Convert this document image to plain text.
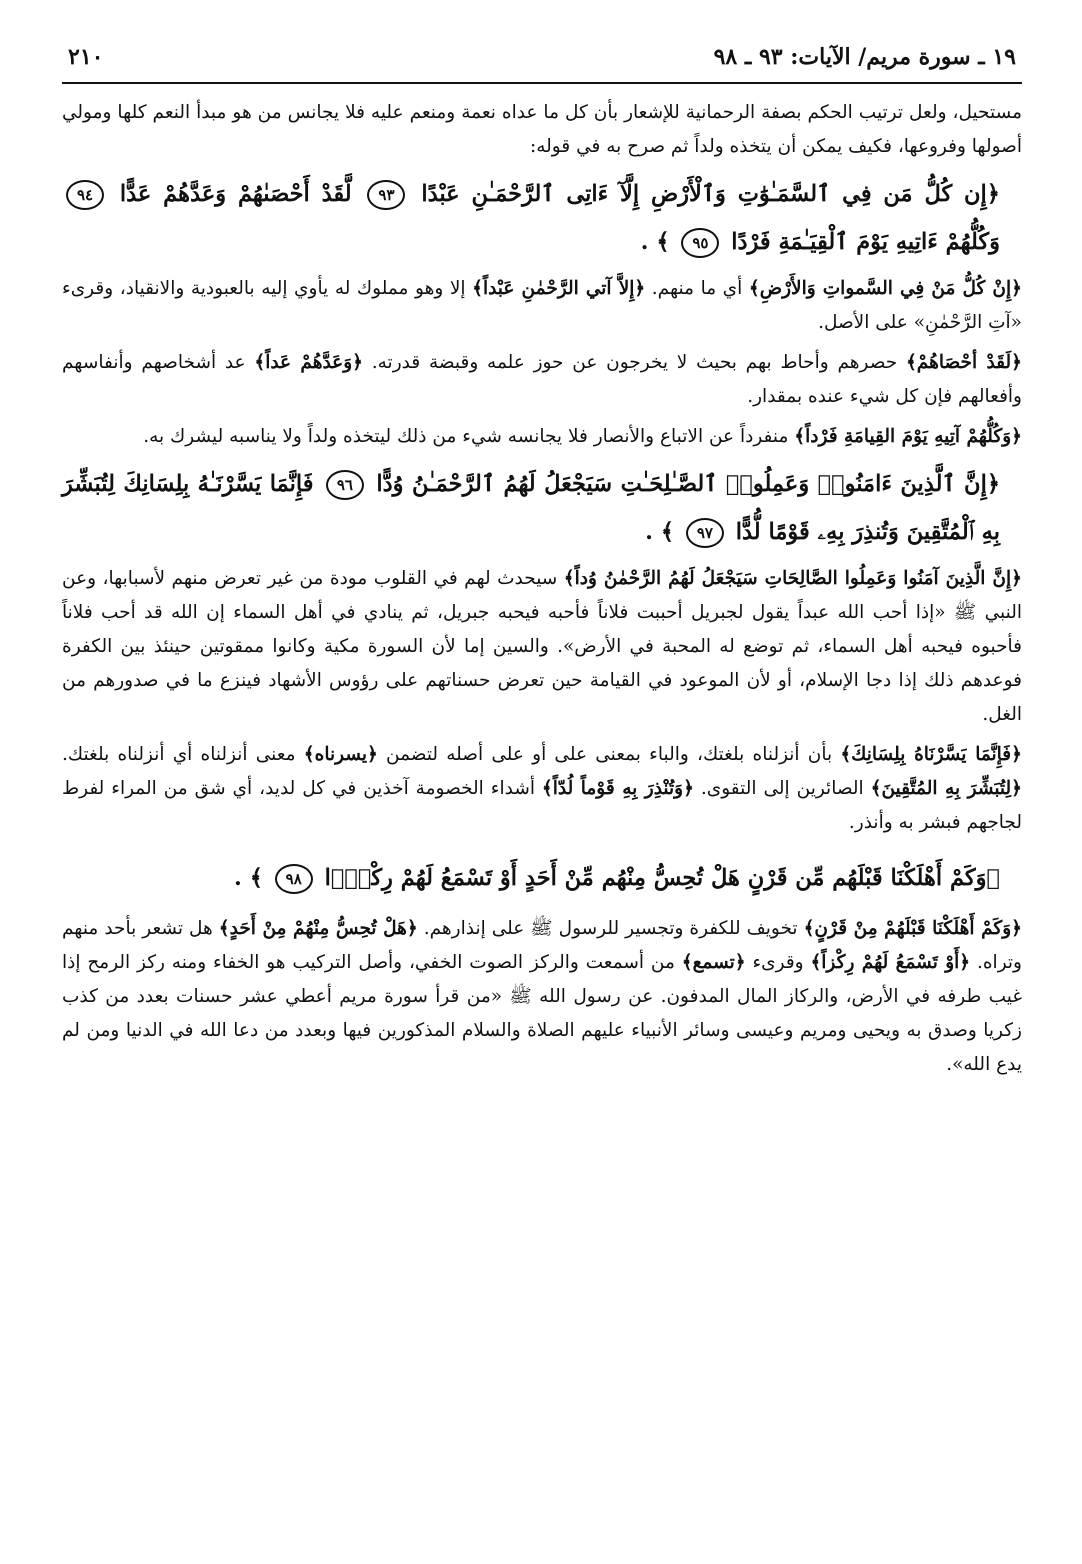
١٩ ـ سورة مريم/ الآيات: ٩٣ ـ ٩٨
٢١٠

مستحيل، ولعل ترتيب الحكم بصفة الرحمانية للإشعار بأن كل ما عداه نعمة ومنعم عليه فلا يجانس من هو مبدأ النعم كلها ومولي أصولها وفروعها، فكيف يمكن أن يتخذه ولداً ثم صرح به في قوله:

﴿إِن كُلُّ مَن فِي ٱلسَّمَـٰوَٰتِ وَٱلْأَرْضِ إِلَّآ ءَاتِى ٱلرَّحْمَـٰنِ عَبْدًا ٩٣ لَّقَدْ أَحْصَىٰهُمْ وَعَدَّهُمْ عَدًّا ٩٤ وَكُلُّهُمْ ءَاتِيهِ يَوْمَ ٱلْقِيَـٰمَةِ فَرْدًا ٩٥ ﴾ .

﴿إِنْ كُلُّ مَنْ فِي السَّمواتِ وَالأَرْضِ﴾ أي ما منهم. ﴿إِلاَّ آتي الرَّحْمٰنِ عَبْداً﴾ إلا وهو مملوك له يأوي إليه بالعبودية والانقياد، وقرىء «آتِ الرَّحْمٰنِ» على الأصل.

﴿لَقَدْ أحْصَاهُمْ﴾ حصرهم وأحاط بهم بحيث لا يخرجون عن حوز علمه وقبضة قدرته. ﴿وَعَدَّهُمْ عَداً﴾ عد أشخاصهم وأنفاسهم وأفعالهم فإن كل شيء عنده بمقدار.

﴿وَكُلُّهُمْ آتِيهِ يَوْمَ القِيامَةِ فَرْداً﴾ منفرداً عن الاتباع والأنصار فلا يجانسه شيء من ذلك ليتخذه ولداً ولا يناسبه ليشرك به.

﴿إِنَّ ٱلَّذِينَ ءَامَنُوا۟ وَعَمِلُوا۟ ٱلصَّـٰلِحَـٰتِ سَيَجْعَلُ لَهُمُ ٱلرَّحْمَـٰنُ وُدًّا ٩٦ فَإِنَّمَا يَسَّرْنَـٰهُ بِلِسَانِكَ لِتُبَشِّرَ بِهِ ٱلْمُتَّقِينَ وَتُنذِرَ بِهِۦ قَوْمًا لُّدًّا ٩٧ ﴾ .

﴿إِنَّ الَّذِينَ آمَنُوا وَعَمِلُوا الصَّالِحَاتِ سَيَجْعَلُ لَهُمُ الرَّحْمٰنُ وُداً﴾ سيحدث لهم في القلوب مودة من غير تعرض منهم لأسبابها، وعن النبي ﷺ «إذا أحب الله عبداً يقول لجبريل أحببت فلاناً فأحبه فيحبه جبريل، ثم ينادي في أهل السماء إن الله قد أحب فلاناً فأحبوه فيحبه أهل السماء، ثم توضع له المحبة في الأرض». والسين إما لأن السورة مكية وكانوا ممقوتين حينئذ بين الكفرة فوعدهم ذلك إذا دجا الإسلام، أو لأن الموعود في القيامة حين تعرض حسناتهم على رؤوس الأشهاد فينزع ما في صدورهم من الغل.

﴿فَإِنَّمَا يَسَّرْنَاهُ بِلِسَانِكَ﴾ بأن أنزلناه بلغتك، والباء بمعنى على أو على أصله لتضمن ﴿يسرناه﴾ معنى أنزلناه أي أنزلناه بلغتك. ﴿لِتُبَشِّرَ بِهِ المُتَّقِينَ﴾ الصائرين إلى التقوى. ﴿وَتُنْذِرَ بِهِ قَوْماً لُدّاً﴾ أشداء الخصومة آخذين في كل لديد، أي شق من المراء لفرط لجاجهم فبشر به وأنذر.

﴿وَكَمْ أَهْلَكْنَا قَبْلَهُم مِّن قَرْنٍ هَلْ تُحِسُّ مِنْهُم مِّنْ أَحَدٍ أَوْ تَسْمَعُ لَهُمْ رِكْزًۢا ٩٨ ﴾ .

﴿وَكَمْ أَهْلَكْنَا قَبْلَهُمْ مِنْ قَرْنٍ﴾ تخويف للكفرة وتجسير للرسول ﷺ على إنذارهم. ﴿هَلْ تُحِسُّ مِنْهُمْ مِنْ أَحَدٍ﴾ هل تشعر بأحد منهم وتراه. ﴿أَوْ تَسْمَعُ لَهُمْ رِكْزاً﴾ وقرىء ﴿تسمع﴾ من أسمعت والركز الصوت الخفي، وأصل التركيب هو الخفاء ومنه ركز الرمح إذا غيب طرفه في الأرض، والركاز المال المدفون. عن رسول الله ﷺ «من قرأ سورة مريم أعطي عشر حسنات بعدد من كذب زكريا وصدق به ويحيى ومريم وعيسى وسائر الأنبياء عليهم الصلاة والسلام المذكورين فيها وبعدد من دعا الله في الدنيا ومن لم يدع الله».
